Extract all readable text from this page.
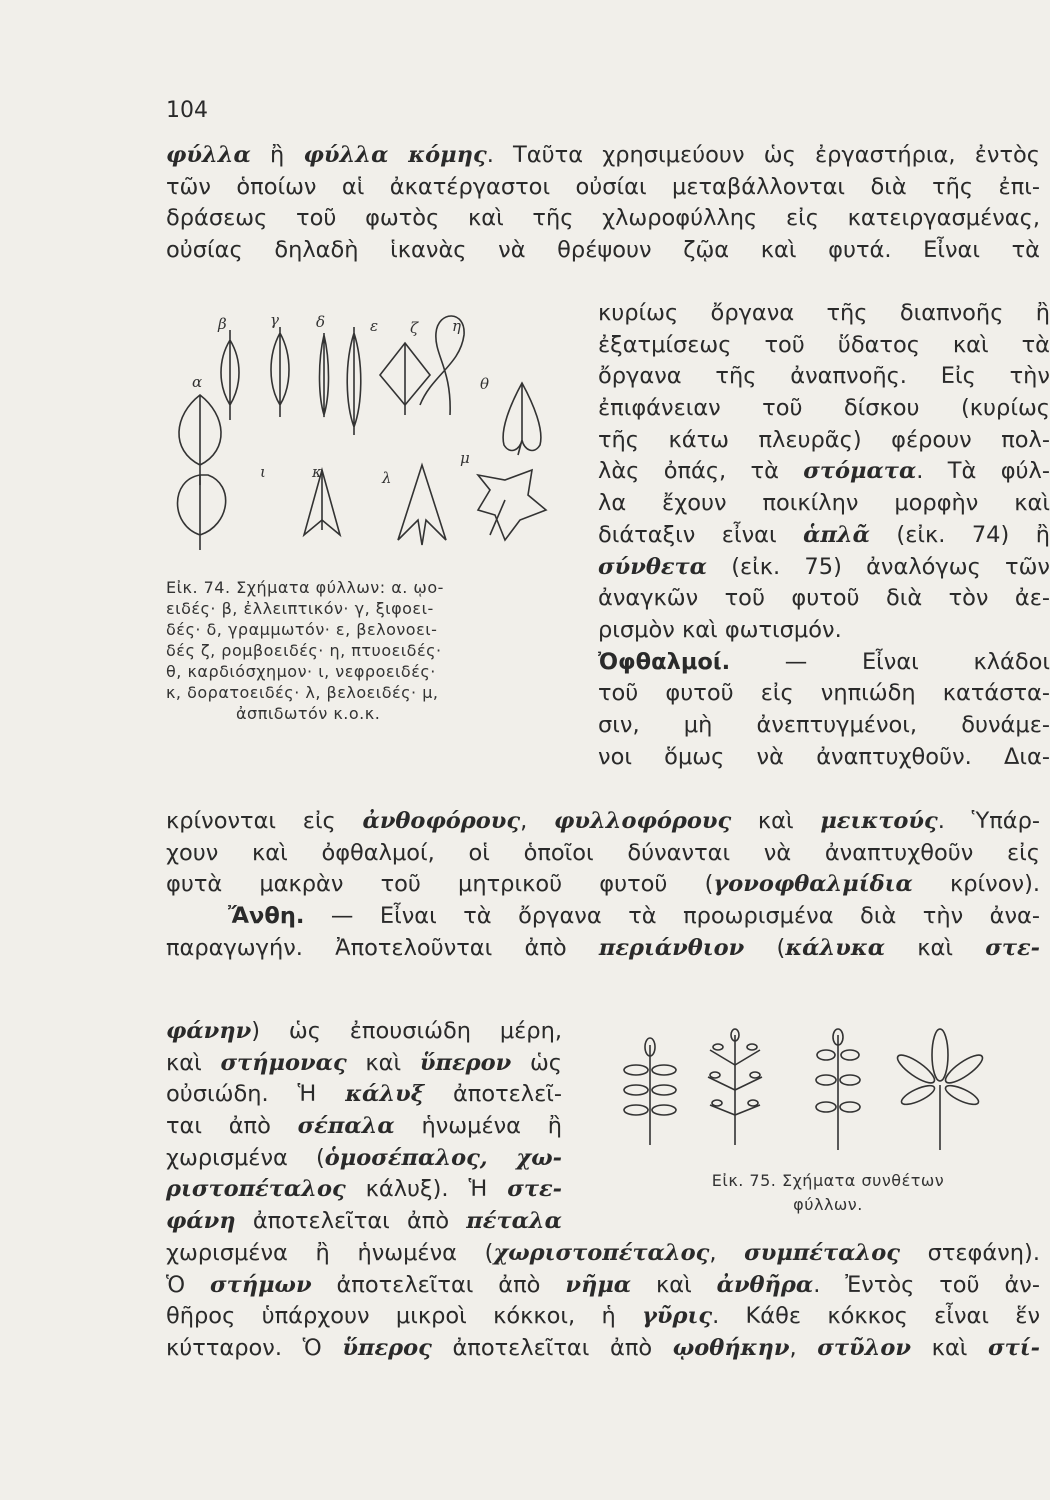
104
φύλλα ἢ φύλλα κόμης. Ταῦτα χρησιμεύουν ὡς ἐργαστήρια, ἐντὸς
τῶν ὁποίων αἱ ἀκατέργαστοι οὐσίαι μεταβάλλονται διὰ τῆς ἐπι-
δράσεως τοῦ φωτὸς καὶ τῆς χλωροφύλλης εἰς κατειργασμένας,
οὐσίας δηλαδὴ ἱκανὰς νὰ θρέψουν ζῷα καὶ φυτά. Εἶναι τὰ
β	γ δ	ε ζ η
α	θ
ι	κ	λ
μ
Εἰκ. 74. Σχήματα φύλλων: α. ῳο-
ειδές· β, ἐλλειπτικόν· γ, ξιφοει-
δές· δ, γραμμωτόν· ε, βελονοει-
δές ζ, ρομβοειδές· η, πτυοειδές·
θ, καρδιόσχημον· ι, νεφροειδές·
κ, δορατοειδές· λ, βελοειδές· μ,
ἀσπιδωτόν κ.ο.κ.
κυρίως ὄργανα τῆς διαπνοῆς ἢ
ἐξατμίσεως τοῦ ὕδατος καὶ τὰ
ὄργανα τῆς ἀναπνοῆς. Εἰς τὴν
ἐπιφάνειαν τοῦ δίσκου (κυρίως
τῆς κάτω πλευρᾶς) φέρουν πολ-
λὰς ὀπάς, τὰ στόματα. Τὰ φύλ-
λα ἔχουν ποικίλην μορφὴν καὶ
διάταξιν εἶναι ἁπλᾶ (εἰκ. 74) ἢ
σύνθετα (εἰκ. 75) ἀναλόγως τῶν
ἀναγκῶν τοῦ φυτοῦ διὰ τὸν ἀε-
ρισμὸν καὶ φωτισμόν.
Ὀφθαλμοί. — Εἶναι κλάδοι
τοῦ φυτοῦ εἰς νηπιώδη κατάστα-
σιν, μὴ ἀνεπτυγμένοι, δυνάμε-
νοι ὅμως νὰ ἀναπτυχθοῦν. Δια-
κρίνονται εἰς ἀνθοφόρους, φυλλοφόρους καὶ μεικτούς. Ὑπάρ-
χουν καὶ ὀφθαλμοί, οἱ ὁποῖοι δύνανται νὰ ἀναπτυχθοῦν εἰς
φυτὰ μακρὰν τοῦ μητρικοῦ φυτοῦ (γονοφθαλμίδια κρίνον).
Ἄνθη. — Εἶναι τὰ ὄργανα τὰ προωρισμένα διὰ τὴν ἀνα-
παραγωγήν. Ἀποτελοῦνται ἀπὸ περιάνθιον (κάλυκα καὶ στε-
φάνην) ὡς ἐπουσιώδη μέρη,
καὶ στήμονας καὶ ὕπερον ὡς
οὐσιώδη. Ἡ κάλυξ ἀποτελεῖ-
ται ἀπὸ σέπαλα ἡνωμένα ἢ
χωρισμένα (ὁμοσέπαλος, χω-
ριστοπέταλος κάλυξ). Ἡ στε-
φάνη ἀποτελεῖται ἀπὸ πέταλα
Εἰκ. 75. Σχήματα συνθέτων
φύλλων.
χωρισμένα ἢ ἡνωμένα (χωριστοπέταλος, συμπέταλος στεφάνη).
Ὁ στήμων ἀποτελεῖται ἀπὸ νῆμα καὶ ἀνθῆρα. Ἐντὸς τοῦ ἀν-
θῆρος ὑπάρχουν μικροὶ κόκκοι, ἡ γῦρις. Κάθε κόκκος εἶναι ἕν
κύτταρον. Ὁ ὕπερος ἀποτελεῖται ἀπὸ ῳοθήκην, στῦλον καὶ στί-
